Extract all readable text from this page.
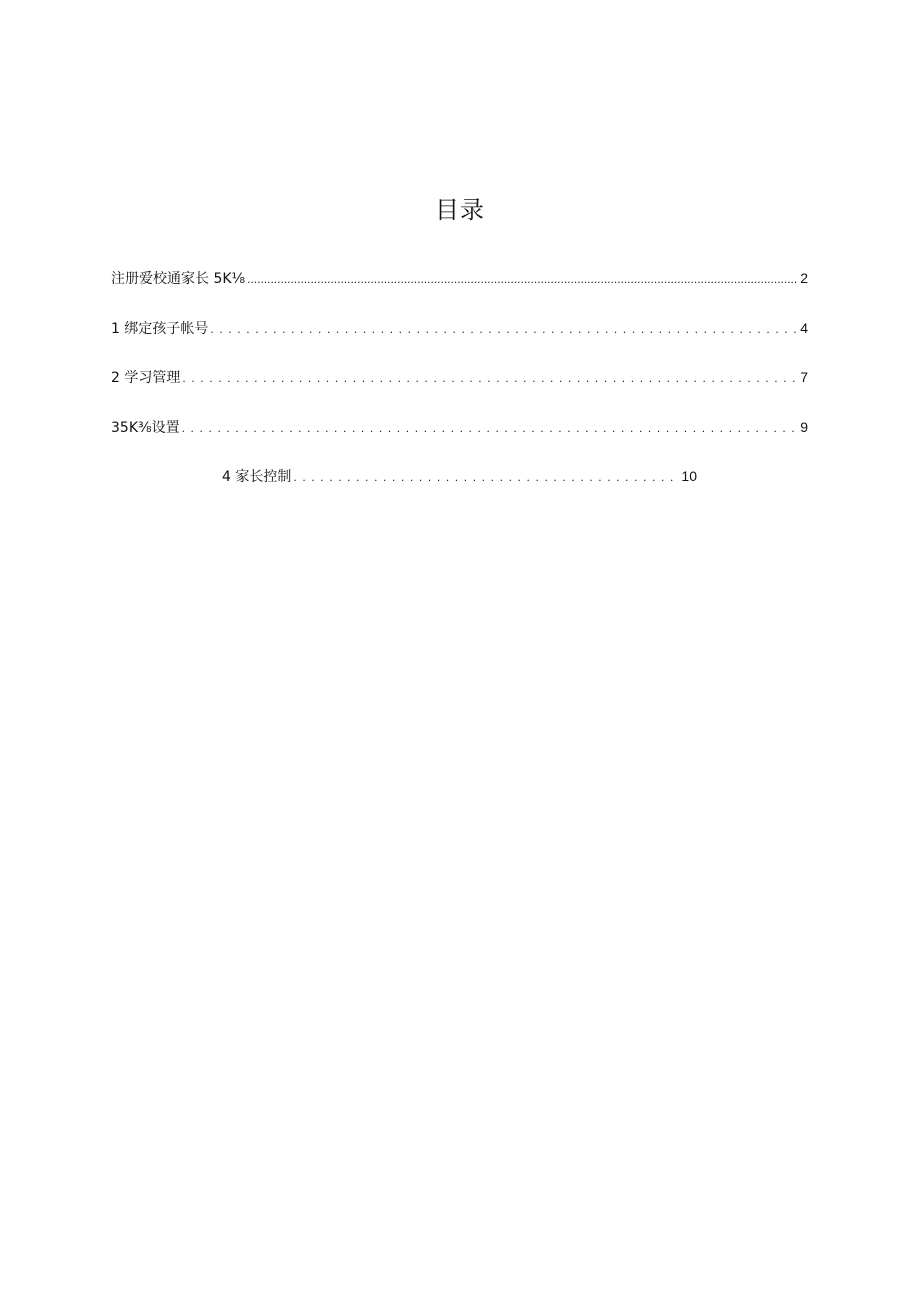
目录
注册爱校通家长 5K⅛ .....	2
1 绑定孩子帐号 . . .	4
2 学习管理 . . .	7
35K⅜设置 . . .	9
4 家长控制 . . .	10
